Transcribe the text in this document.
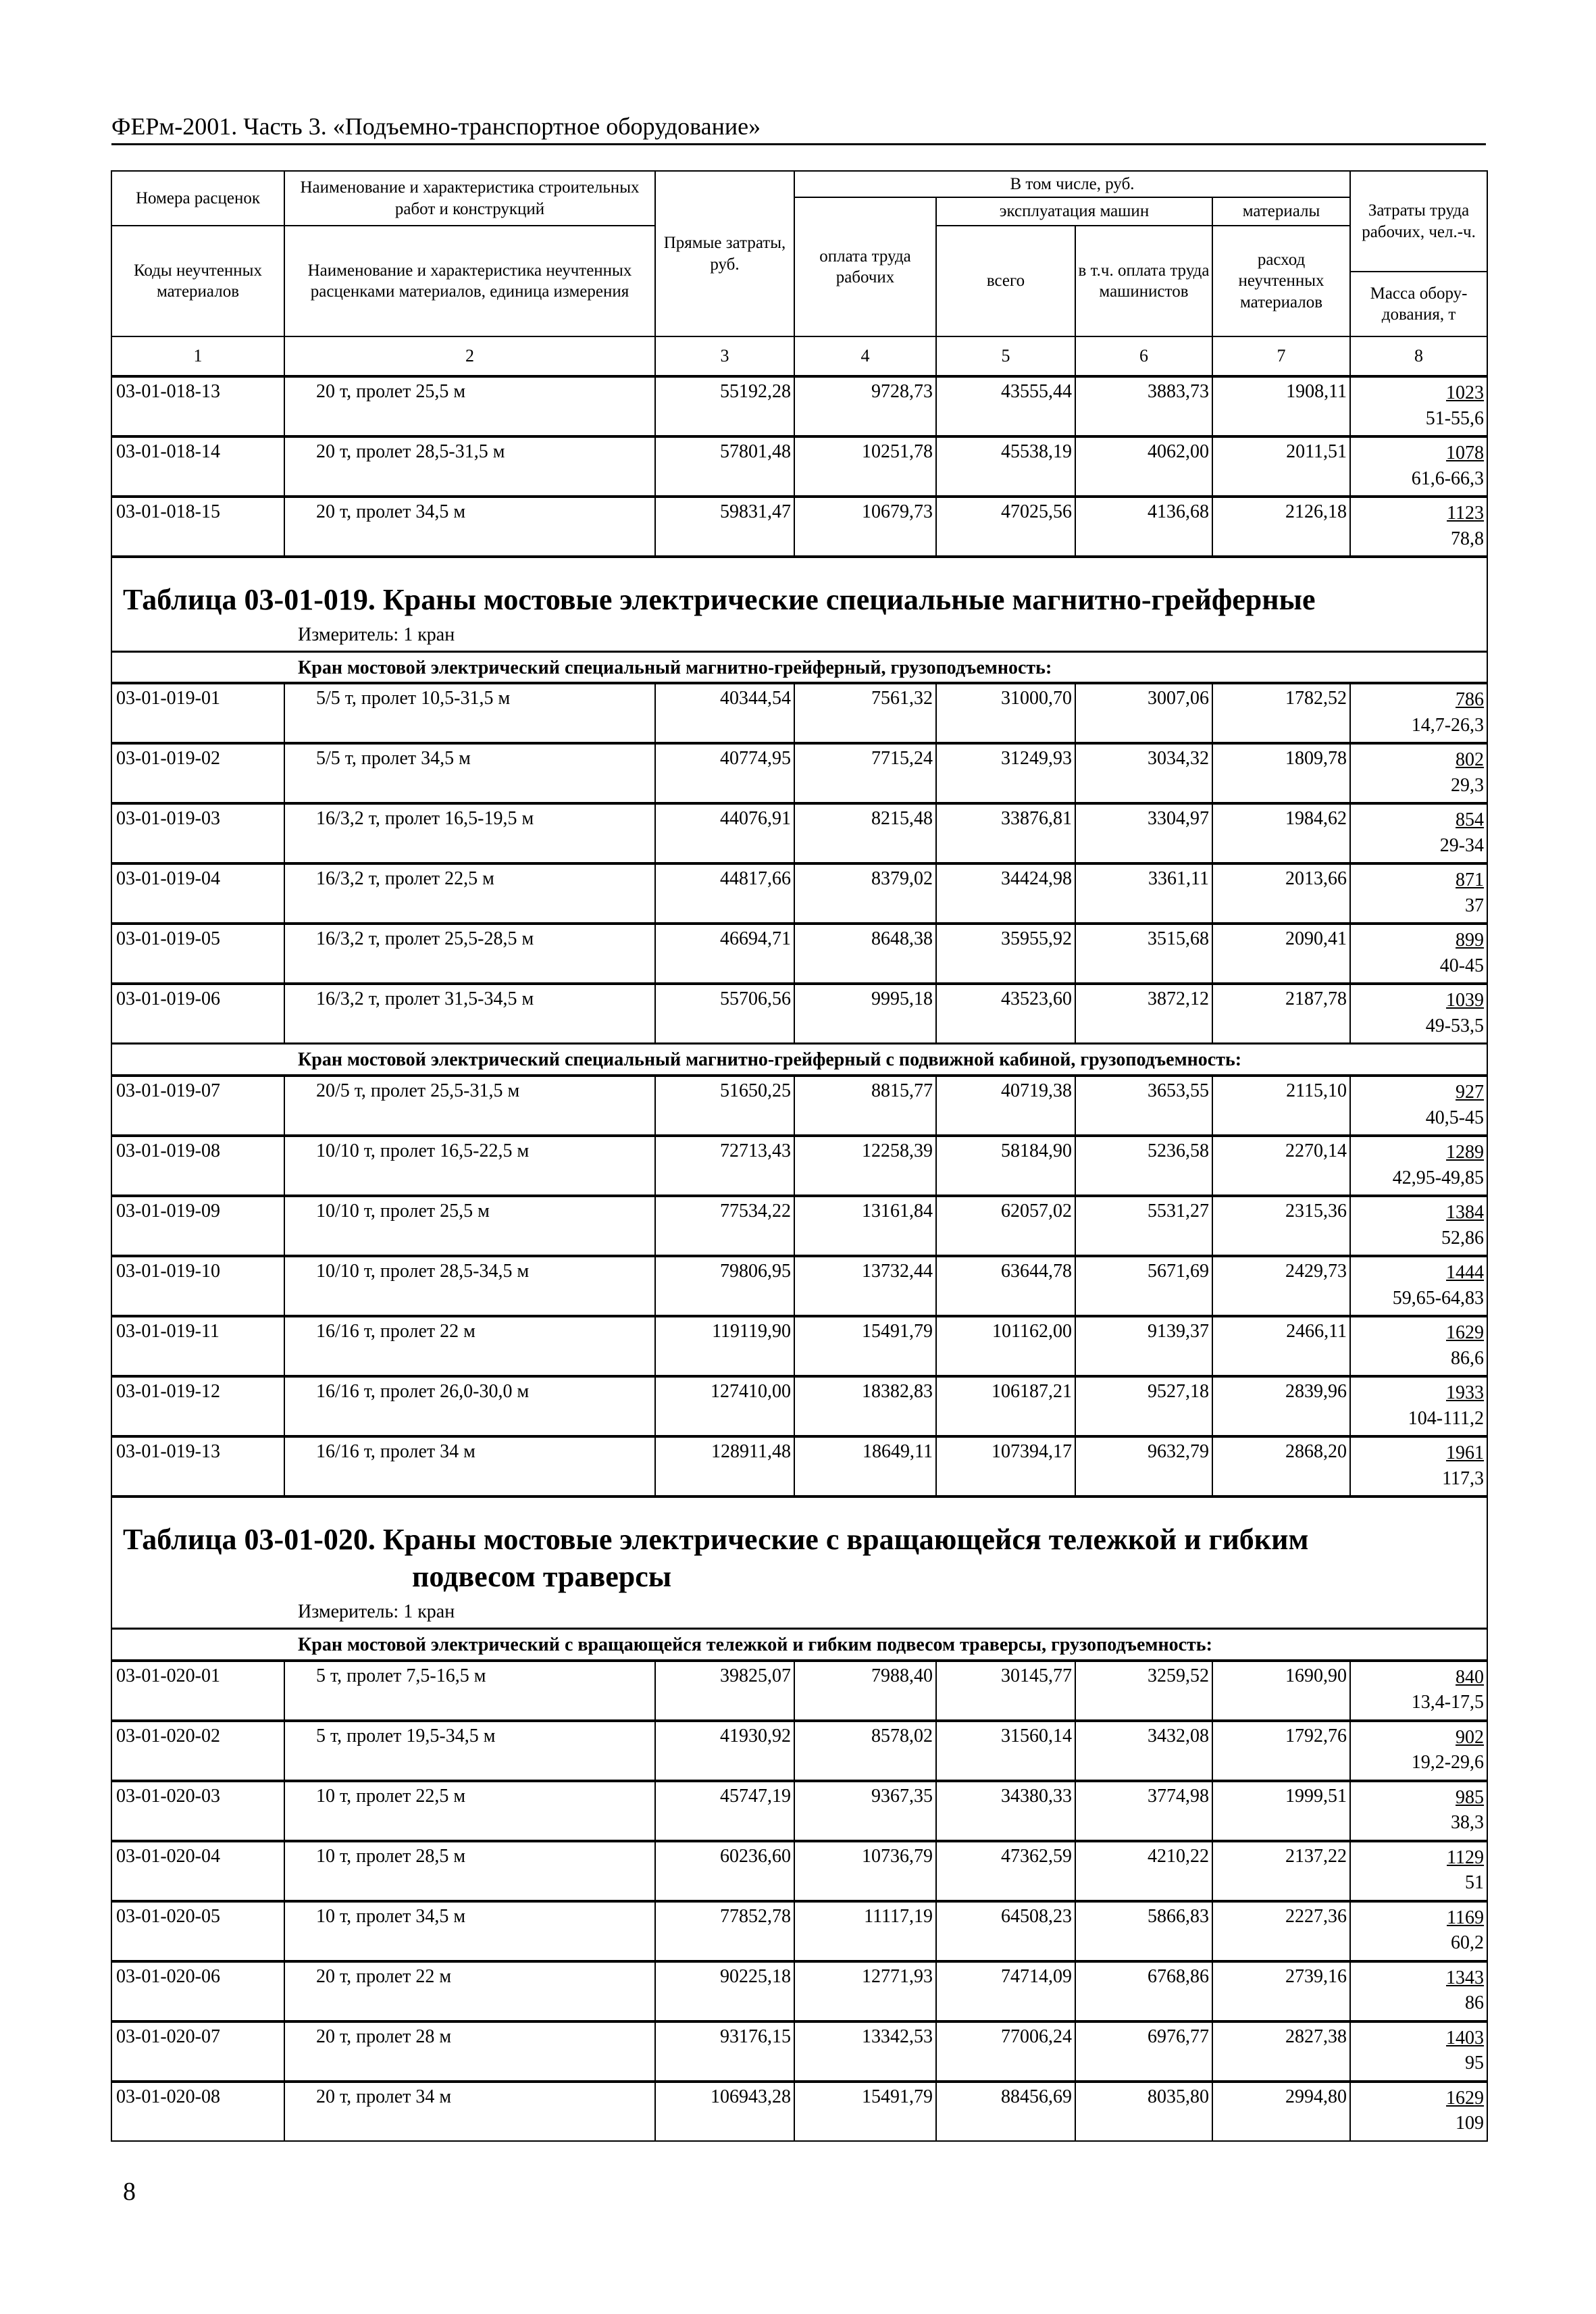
ФЕРм-2001. Часть 3. «Подъемно-транспортное оборудование»
Номера расценок	Наименование и характеристика строительных работ и конструкций	Прямые затраты, руб.	В том числе, руб.				Затраты труда рабочих, чел.-ч.
			оплата труда рабочих	эксплуатация машин		материалы	
Коды неучтенных материалов	Наименование и характеристика неучтенных расценками материалов, единица измерения			всего	в т.ч. оплата труда машинистов	расход неучтенных материалов	
							Масса обору-дования, т
1	2	3	4	5	6	7	8
03-01-018-13	20 т, пролет 25,5 м	55192,28	9728,73	43555,44	3883,73	1908,11	1023
51-55,6

03-01-018-14	20 т, пролет 28,5-31,5 м	57801,48	10251,78	45538,19	4062,00	2011,51	1078
61,6-66,3

03-01-018-15	20 т, пролет 34,5 м	59831,47	10679,73	47025,56	4136,68	2126,18	1123
78,8

Таблица 03-01-019. Краны мостовые электрические специальные магнитно-грейферные
Измеритель: 1 кран							

Кран мостовой электрический специальный магнитно-грейферный, грузоподъемность:							
03-01-019-01	5/5 т, пролет 10,5-31,5 м	40344,54	7561,32	31000,70	3007,06	1782,52	786
14,7-26,3

03-01-019-02	5/5 т, пролет 34,5 м	40774,95	7715,24	31249,93	3034,32	1809,78	802
29,3

03-01-019-03	16/3,2 т, пролет 16,5-19,5 м	44076,91	8215,48	33876,81	3304,97	1984,62	854
29-34

03-01-019-04	16/3,2 т, пролет 22,5 м	44817,66	8379,02	34424,98	3361,11	2013,66	871
37

03-01-019-05	16/3,2 т, пролет 25,5-28,5 м	46694,71	8648,38	35955,92	3515,68	2090,41	899
40-45

03-01-019-06	16/3,2 т, пролет 31,5-34,5 м	55706,56	9995,18	43523,60	3872,12	2187,78	1039
49-53,5

Кран мостовой электрический специальный магнитно-грейферный с подвижной кабиной, грузоподъемность:							
03-01-019-07	20/5 т, пролет 25,5-31,5 м	51650,25	8815,77	40719,38	3653,55	2115,10	927
40,5-45

03-01-019-08	10/10 т, пролет 16,5-22,5 м	72713,43	12258,39	58184,90	5236,58	2270,14	1289
42,95-49,85

03-01-019-09	10/10 т, пролет 25,5 м	77534,22	13161,84	62057,02	5531,27	2315,36	1384
52,86

03-01-019-10	10/10 т, пролет 28,5-34,5 м	79806,95	13732,44	63644,78	5671,69	2429,73	1444
59,65-64,83

03-01-019-11	16/16 т, пролет 22 м	119119,90	15491,79	101162,00	9139,37	2466,11	1629
86,6

03-01-019-12	16/16 т, пролет 26,0-30,0 м	127410,00	18382,83	106187,21	9527,18	2839,96	1933
104-111,2

03-01-019-13	16/16 т, пролет 34 м	128911,48	18649,11	107394,17	9632,79	2868,20	1961
117,3

Таблица 03-01-020. Краны мостовые электрические с вращающейся тележкой и гибким
подвесом траверсы
Измеритель: 1 кран							

Кран мостовой электрический с вращающейся тележкой и гибким подвесом траверсы, грузоподъемность:							
03-01-020-01	5 т, пролет 7,5-16,5 м	39825,07	7988,40	30145,77	3259,52	1690,90	840
13,4-17,5

03-01-020-02	5 т, пролет 19,5-34,5 м	41930,92	8578,02	31560,14	3432,08	1792,76	902
19,2-29,6

03-01-020-03	10 т, пролет 22,5 м	45747,19	9367,35	34380,33	3774,98	1999,51	985
38,3

03-01-020-04	10 т, пролет 28,5 м	60236,60	10736,79	47362,59	4210,22	2137,22	1129
51

03-01-020-05	10 т, пролет 34,5 м	77852,78	11117,19	64508,23	5866,83	2227,36	1169
60,2

03-01-020-06	20 т, пролет 22 м	90225,18	12771,93	74714,09	6768,86	2739,16	1343
86

03-01-020-07	20 т, пролет 28 м	93176,15	13342,53	77006,24	6976,77	2827,38	1403
95

03-01-020-08	20 т, пролет 34 м	106943,28	15491,79	88456,69	8035,80	2994,80	1629
109
8
